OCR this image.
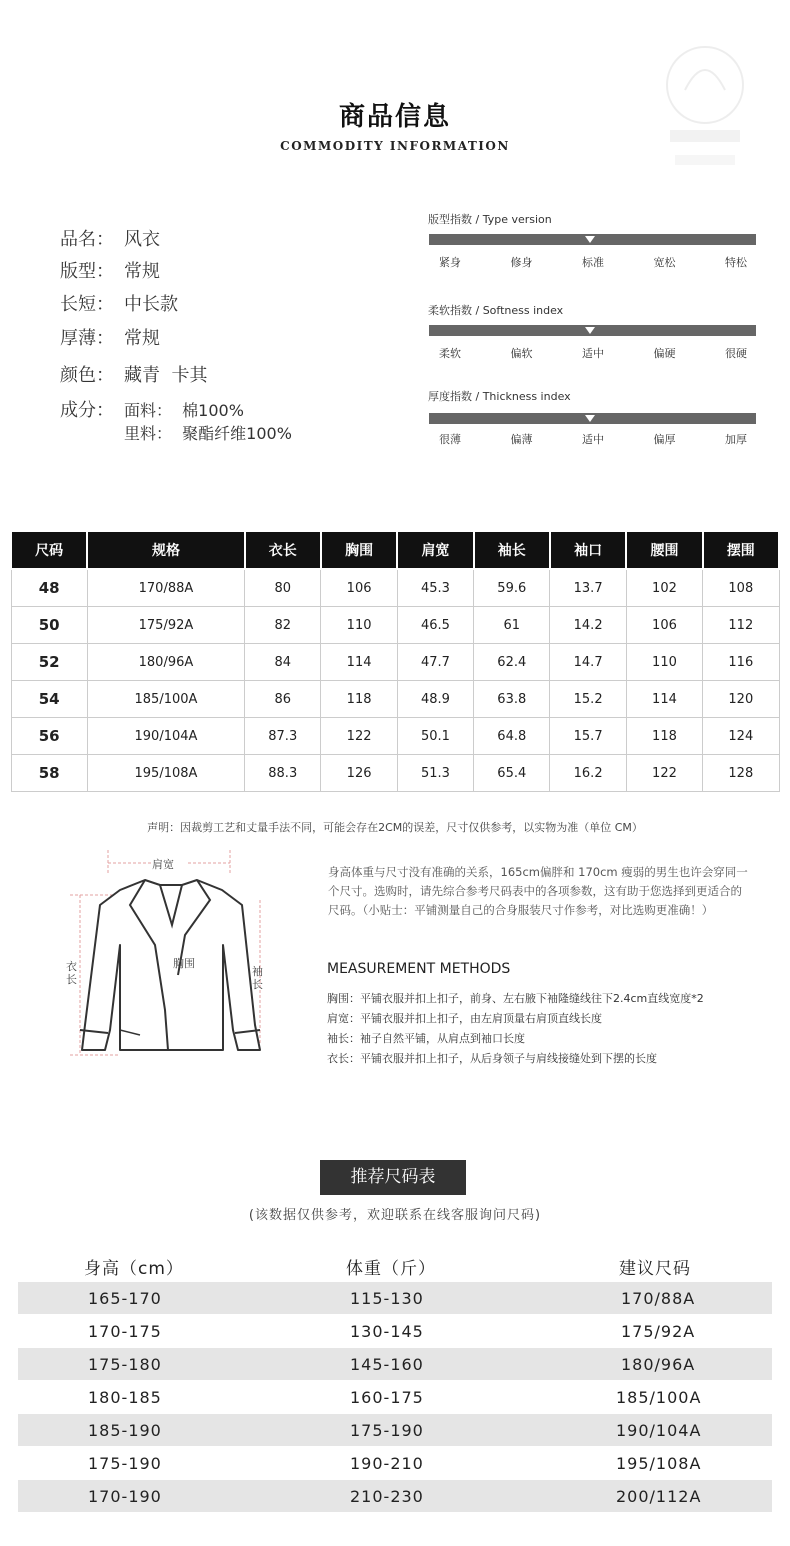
商品信息
COMMODITY INFORMATION
品名： 风衣
版型： 常规
长短： 中长款
厚薄： 常规
颜色： 藏青  卡其
成分： 面料：  棉100%
里料：  聚酯纤维100%
版型指数 / Type version
紧身	修身	标准	宽松	特松
柔软指数 / Softness index
柔软	偏软	适中	偏硬	很硬
厚度指数 / Thickness index
很薄	偏薄	适中	偏厚	加厚
尺码	规格	衣长	胸围	肩宽	袖长	袖口	腰围	摆围
48	170/88A	80	106	45.3	59.6	13.7	102	108
50	175/92A	82	110	46.5	61	14.2	106	112
52	180/96A	84	114	47.7	62.4	14.7	110	116
54	185/100A	86	118	48.9	63.8	15.2	114	120
56	190/104A	87.3	122	50.1	64.8	15.7	118	124
58	195/108A	88.3	126	51.3	65.4	16.2	122	128
声明：因裁剪工艺和丈量手法不同，可能会存在2CM的误差，尺寸仅供参考，以实物为准（单位 CM）
肩宽
胸围
衣长
袖长
身高体重与尺寸没有准确的关系，165cm偏胖和 170cm 瘦弱的男生也许会穿同一个尺寸。选购时，请先综合参考尺码表中的各项参数，这有助于您选择到更适合的尺码。（小贴士：平铺测量自己的合身服装尺寸作参考，对比选购更准确！）
MEASUREMENT METHODS
胸围：平铺衣服并扣上扣子，前身、左右腋下袖隆缝线往下2.4cm直线宽度*2
肩宽：平铺衣服并扣上扣子，由左肩顶量右肩顶直线长度
袖长：袖子自然平铺，从肩点到袖口长度
衣长：平铺衣服并扣上扣子，从后身领子与肩线接缝处到下摆的长度
推荐尺码表
(该数据仅供参考，欢迎联系在线客服询问尺码)
身高（cm）	体重（斤）	建议尺码
165-170	115-130	170/88A
170-175	130-145	175/92A
175-180	145-160	180/96A
180-185	160-175	185/100A
185-190	175-190	190/104A
175-190	190-210	195/108A
170-190	210-230	200/112A
